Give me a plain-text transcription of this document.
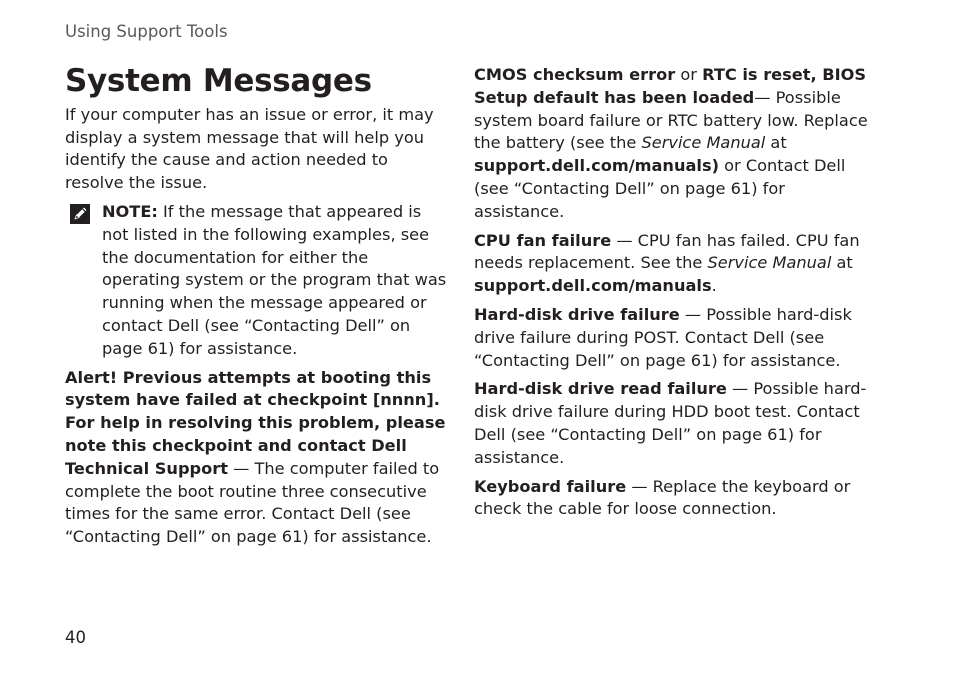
Using Support Tools
System Messages

If your computer has an issue or error, it may display a system message that will help you identify the cause and action needed to resolve the issue.

NOTE: If the message that appeared is not listed in the following examples, see the documentation for either the operating system or the program that was running when the message appeared or contact Dell (see “Contacting Dell” on page 61) for assistance.

Alert! Previous attempts at booting this system have failed at checkpoint [nnnn]. For help in resolving this problem, please note this checkpoint and contact Dell Technical Support — The computer failed to complete the boot routine three consecutive times for the same error. Contact Dell (see “Contacting Dell” on page 61) for assistance.

CMOS checksum error or RTC is reset, BIOS Setup default has been loaded— Possible system board failure or RTC battery low. Replace the battery (see the Service Manual at support.dell.com/manuals) or Contact Dell (see “Contacting Dell” on page 61) for assistance.

CPU fan failure — CPU fan has failed. CPU fan needs replacement. See the Service Manual at support.dell.com/manuals.

Hard-disk drive failure — Possible hard-disk drive failure during POST. Contact Dell (see “Contacting Dell” on page 61) for assistance.

Hard-disk drive read failure — Possible hard-disk drive failure during HDD boot test. Contact Dell (see “Contacting Dell” on page 61) for assistance.

Keyboard failure — Replace the keyboard or check the cable for loose connection.

40
